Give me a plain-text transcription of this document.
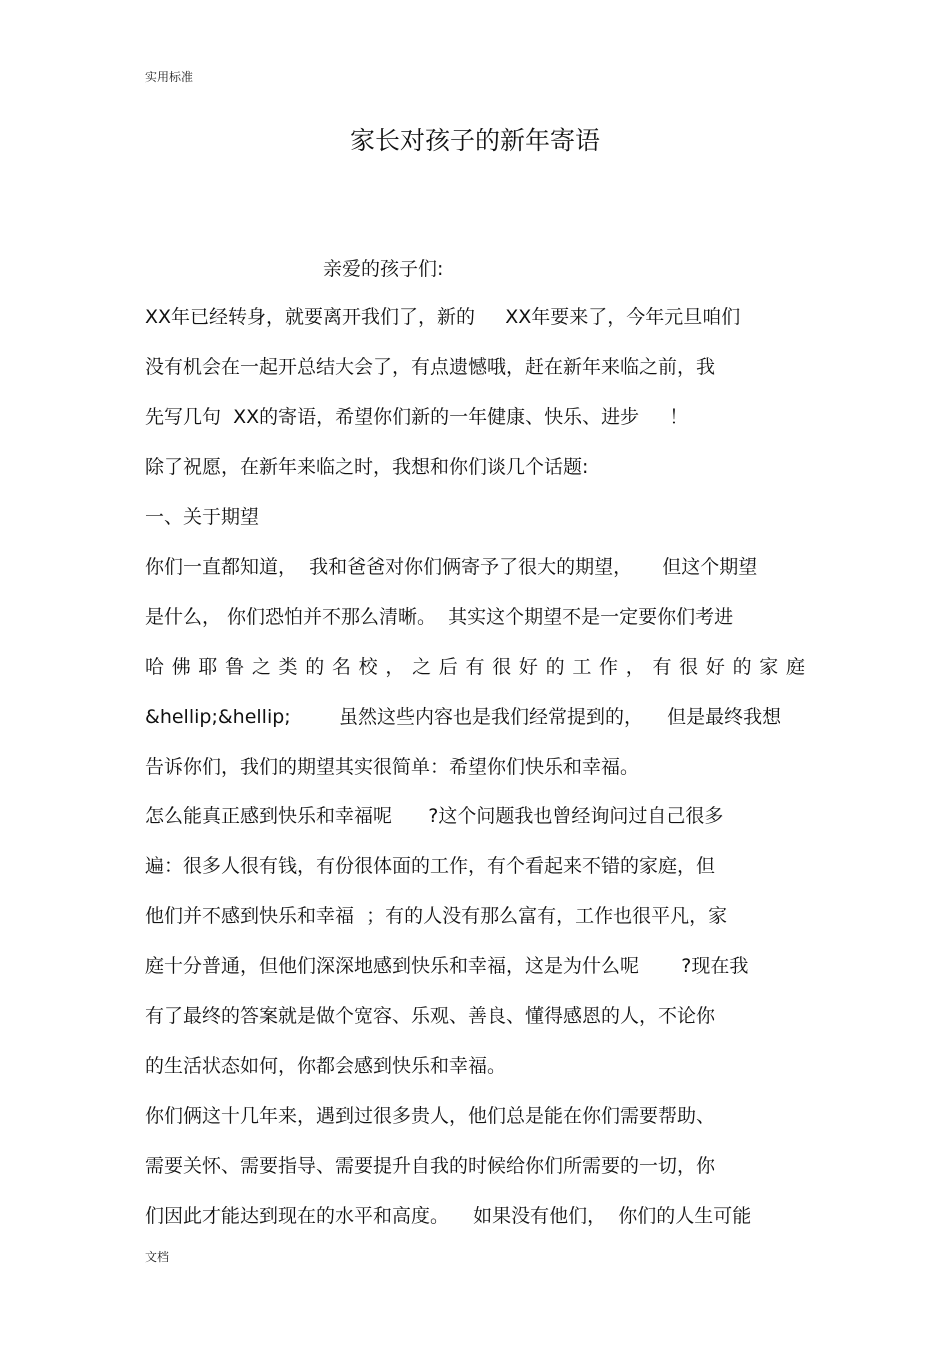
实用标准
家长对孩子的新年寄语
亲爱的孩子们:
XX年已经转身，就要离开我们了，新的     XX年要来了，今年元旦咱们
没有机会在一起开总结大会了，有点遗憾哦，赶在新年来临之前，我
先写几句  XX的寄语，希望你们新的一年健康、快乐、进步     ！
除了祝愿，在新年来临之时，我想和你们谈几个话题:
一、关于期望
你们一直都知道，  我和爸爸对你们俩寄予了很大的期望，     但这个期望
是什么， 你们恐怕并不那么清晰。  其实这个期望不是一定要你们考进
哈佛耶鲁之类的名校，之后有很好的工作，有很好的家庭
&hellip;&hellip;        虽然这些内容也是我们经常提到的，    但是最终我想
告诉你们，我们的期望其实很简单：希望你们快乐和幸福。
怎么能真正感到快乐和幸福呢      ?这个问题我也曾经询问过自己很多
遍：很多人很有钱，有份很体面的工作，有个看起来不错的家庭，但
他们并不感到快乐和幸福  ；有的人没有那么富有，工作也很平凡，家
庭十分普通，但他们深深地感到快乐和幸福，这是为什么呢       ?现在我
有了最终的答案就是做个宽容、乐观、善良、懂得感恩的人，不论你
的生活状态如何，你都会感到快乐和幸福。
你们俩这十几年来，遇到过很多贵人，他们总是能在你们需要帮助、
需要关怀、需要指导、需要提升自我的时候给你们所需要的一切，你
们因此才能达到现在的水平和高度。    如果没有他们，  你们的人生可能
文档
